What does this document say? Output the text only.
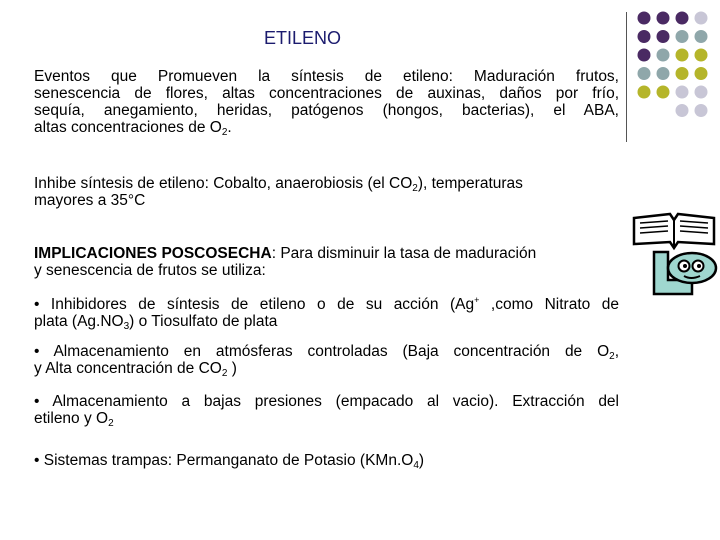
ETILENO
Eventos que Promueven la síntesis de etileno: Maduración frutos,
senescencia de flores, altas concentraciones de auxinas, daños por frío,
sequía, anegamiento, heridas, patógenos (hongos, bacterias), el ABA,

altas concentraciones de $O_2$.
Inhibe síntesis de etileno: Cobalto, anaerobiosis (el $CO_2$), temperaturas
mayores a 35°C
IMPLICACIONES POSCOSECHA: Para disminuir la tasa de maduración
y senescencia de frutos se utiliza:
• Inhibidores de síntesis de etileno o de su acción (Ag+ ,como Nitrato de

plata $(Ag.NO_3)$ o Tiosulfato de plata
• Almacenamiento en atmósferas controladas (Baja concentración de $O_2$,

y Alta concentración de $CO_2$ )
• Almacenamiento a bajas presiones (empacado al vacio). Extracción del

etileno y $O_2$
• Sistemas trampas: Permanganato de Potasio $(KMn.O_4)$
